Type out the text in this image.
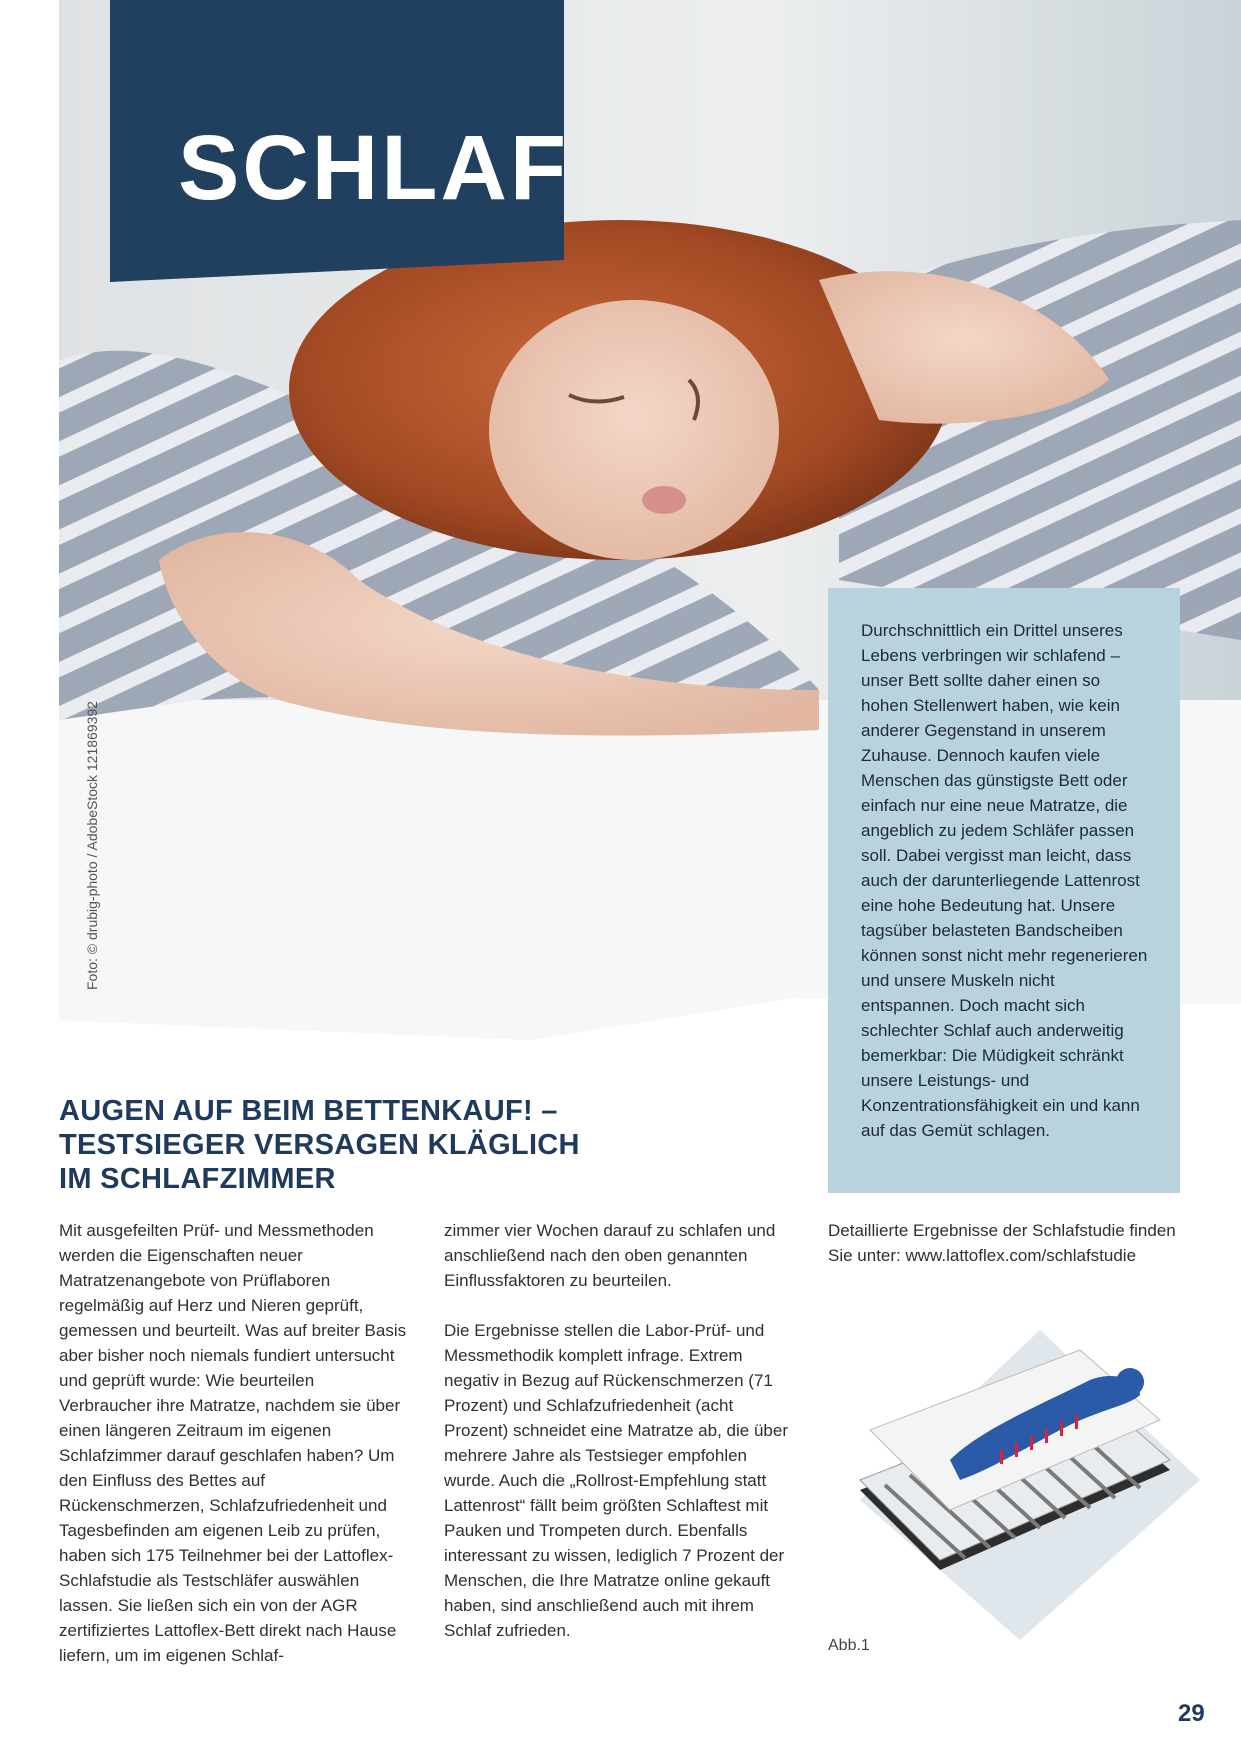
SCHLAF
Foto: © drubig-photo / AdobeStock 121869392

Durchschnittlich ein Drittel unseres Lebens verbringen wir schlafend – unser Bett sollte daher einen so hohen Stellenwert haben, wie kein anderer Gegenstand in unserem Zuhause. Dennoch kaufen viele Menschen das günstigste Bett oder einfach nur eine neue Matratze, die angeblich zu jedem Schläfer passen soll. Dabei vergisst man leicht, dass auch der darunterliegende Lattenrost eine hohe Bedeutung hat. Unsere tagsüber belasteten Bandscheiben können sonst nicht mehr regenerieren und unsere Muskeln nicht entspannen. Doch macht sich schlechter Schlaf auch anderweitig bemerkbar: Die Müdigkeit schränkt unsere Leistungs- und Konzentrationsfähigkeit ein und kann auf das Gemüt schlagen.

AUGEN AUF BEIM BETTENKAUF! –
TESTSIEGER VERSAGEN KLÄGLICH
IM SCHLAFZIMMER

Mit ausgefeilten Prüf- und Messmethoden werden die Eigenschaften neuer Matratzenangebote von Prüflaboren regelmäßig auf Herz und Nieren geprüft, gemessen und beurteilt. Was auf breiter Basis aber bisher noch niemals fundiert untersucht und geprüft wurde: Wie beurteilen Verbraucher ihre Matratze, nachdem sie über einen längeren Zeitraum im eigenen Schlafzimmer darauf geschlafen haben? Um den Einfluss des Bettes auf Rückenschmerzen, Schlafzufriedenheit und Tagesbefinden am eigenen Leib zu prüfen, haben sich 175 Teilnehmer bei der Lattoflex-Schlafstudie als Testschläfer auswählen lassen. Sie ließen sich ein von der AGR zertifiziertes Lattoflex-Bett direkt nach Hause liefern, um im eigenen Schlaf-

zimmer vier Wochen darauf zu schlafen und anschließend nach den oben genannten Einflussfaktoren zu beurteilen.

Die Ergebnisse stellen die Labor-Prüf- und Messmethodik komplett infrage. Extrem negativ in Bezug auf Rückenschmerzen (71 Prozent) und Schlafzufriedenheit (acht Prozent) schneidet eine Matratze ab, die über mehrere Jahre als Testsieger empfohlen wurde. Auch die „Rollrost-Empfehlung statt Lattenrost“ fällt beim größten Schlaftest mit Pauken und Trompeten durch. Ebenfalls interessant zu wissen, lediglich 7 Prozent der Menschen, die Ihre Matratze online gekauft haben, sind anschließend auch mit ihrem Schlaf zufrieden.

Detaillierte Ergebnisse der Schlafstudie finden Sie unter: www.lattoflex.com/schlafstudie

Abb.1
29
